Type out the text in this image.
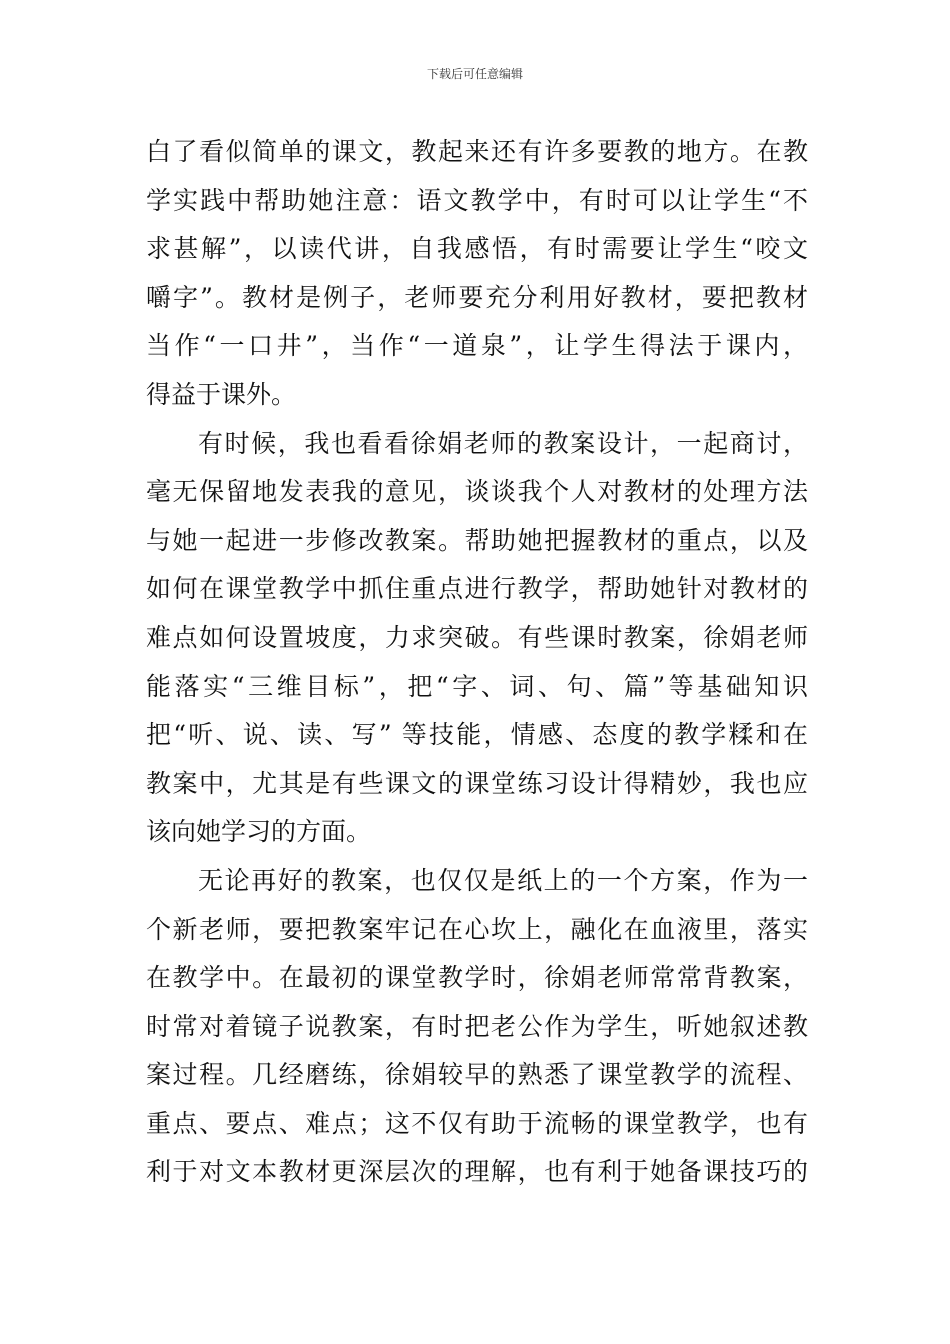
下载后可任意编辑
白了看似简单的课文，教起来还有许多要教的地方。在教
学实践中帮助她注意：语文教学中，有时可以让学生“不
求甚解”，以读代讲，自我感悟，有时需要让学生“咬文
嚼字”。教材是例子，老师要充分利用好教材，要把教材
当作“一口井”，当作“一道泉”，让学生得法于课内，
得益于课外。
有时候，我也看看徐娟老师的教案设计，一起商讨，
毫无保留地发表我的意见，谈谈我个人对教材的处理方法
与她一起进一步修改教案。帮助她把握教材的重点，以及
如何在课堂教学中抓住重点进行教学，帮助她针对教材的
难点如何设置坡度，力求突破。有些课时教案，徐娟老师
能落实“三维目标”，把“字、词、句、篇”等基础知识
把“听、说、读、写” 等技能，情感、态度的教学糅和在
教案中，尤其是有些课文的课堂练习设计得精妙，我也应
该向她学习的方面。
无论再好的教案，也仅仅是纸上的一个方案，作为一
个新老师，要把教案牢记在心坎上，融化在血液里，落实
在教学中。在最初的课堂教学时，徐娟老师常常背教案，
时常对着镜子说教案，有时把老公作为学生，听她叙述教
案过程。几经磨练，徐娟较早的熟悉了课堂教学的流程、
重点、要点、难点；这不仅有助于流畅的课堂教学，也有
利于对文本教材更深层次的理解，也有利于她备课技巧的
